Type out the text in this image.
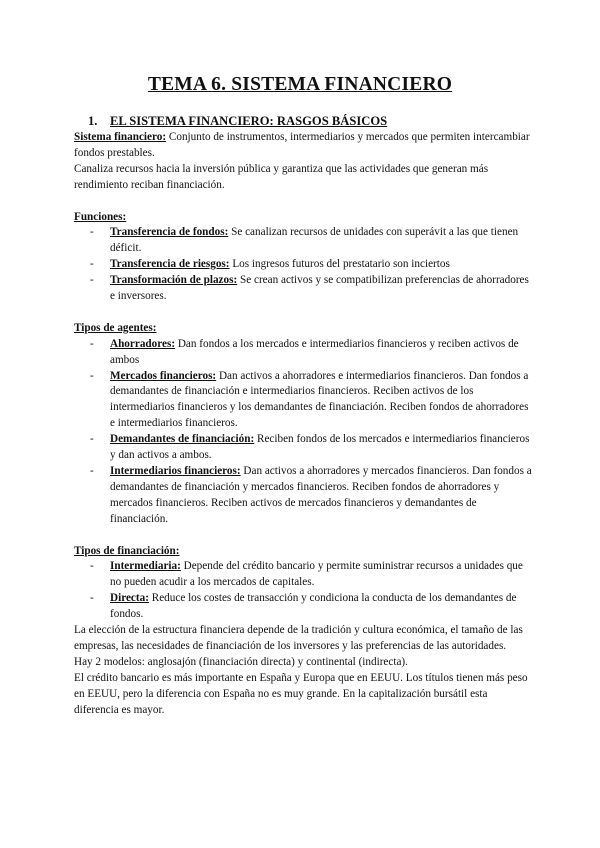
TEMA 6. SISTEMA FINANCIERO
1. EL SISTEMA FINANCIERO: RASGOS BÁSICOS

Sistema financiero: Conjunto de instrumentos, intermediarios y mercados que permiten intercambiar fondos prestables.

Canaliza recursos hacia la inversión pública y garantiza que las actividades que generan más rendimiento reciban financiación.

Funciones:

- Transferencia de fondos: Se canalizan recursos de unidades con superávit a las que tienen déficit.
- Transferencia de riesgos: Los ingresos futuros del prestatario son inciertos
- Transformación de plazos: Se crean activos y se compatibilizan preferencias de ahorradores e inversores.

Tipos de agentes:

- Ahorradores: Dan fondos a los mercados e intermediarios financieros y reciben activos de ambos
- Mercados financieros: Dan activos a ahorradores e intermediarios financieros. Dan fondos a demandantes de financiación e intermediarios financieros. Reciben activos de los intermediarios financieros y los demandantes de financiación. Reciben fondos de ahorradores e intermediarios financieros.
- Demandantes de financiación: Reciben fondos de los mercados e intermediarios financieros y dan activos a ambos.
- Intermediarios financieros: Dan activos a ahorradores y mercados financieros. Dan fondos a demandantes de financiación y mercados financieros. Reciben fondos de ahorradores y mercados financieros. Reciben activos de mercados financieros y demandantes de financiación.

Tipos de financiación:

- Intermediaria: Depende del crédito bancario y permite suministrar recursos a unidades que no pueden acudir a los mercados de capitales.
- Directa: Reduce los costes de transacción y condiciona la conducta de los demandantes de fondos.

La elección de la estructura financiera depende de la tradición y cultura económica, el tamaño de las empresas, las necesidades de financiación de los inversores y las preferencias de las autoridades.

Hay 2 modelos: anglosajón (financiación directa) y continental (indirecta).

El crédito bancario es más importante en España y Europa que en EEUU. Los títulos tienen más peso en EEUU, pero la diferencia con España no es muy grande. En la capitalización bursátil esta diferencia es mayor.
